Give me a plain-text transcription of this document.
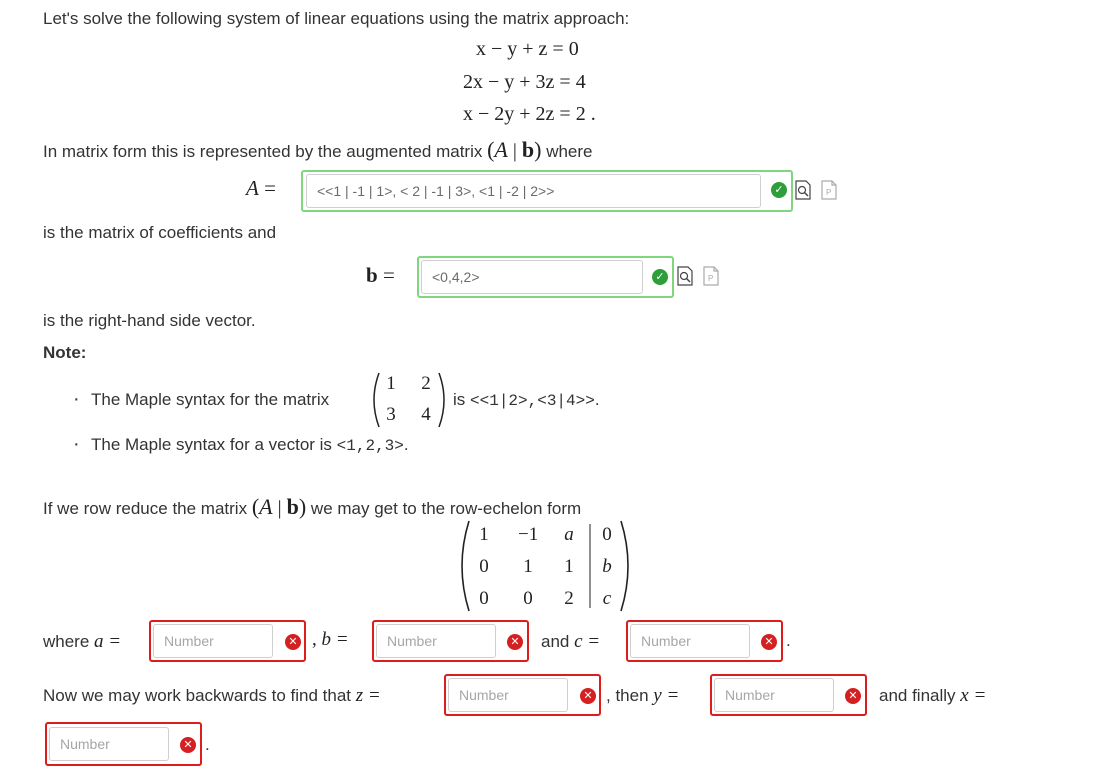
Let's solve the following system of linear equations using the matrix approach:
x − y + z = 0
2x − y + 3z = 4
x − 2y + 2z = 2 .
In matrix form this is represented by the augmented matrix (A | b) where
A =
<<1 | -1 | 1>, < 2 | -1 | 3>, <1 | -2 | 2>>	✓	P
is the matrix of coefficients and
b =
<0,4,2>	✓	P
is the right-hand side vector.
Note:
· The Maple syntax for the matrix
1 2
3 4
is <<1|2>,<3|4>>.
· The Maple syntax for a vector is <1,2,3>.
If we row reduce the matrix (A | b) we may get to the row-echelon form
1 −1 a 0
0 1 1 b
0 0 2	c
where a =
Number	✕ , b =
Number	✕ and c =
Number	✕ .
Now we may work backwards to find that z =
Number	✕ , then y =
Number	✕ and finally x =
Number
✕ .
